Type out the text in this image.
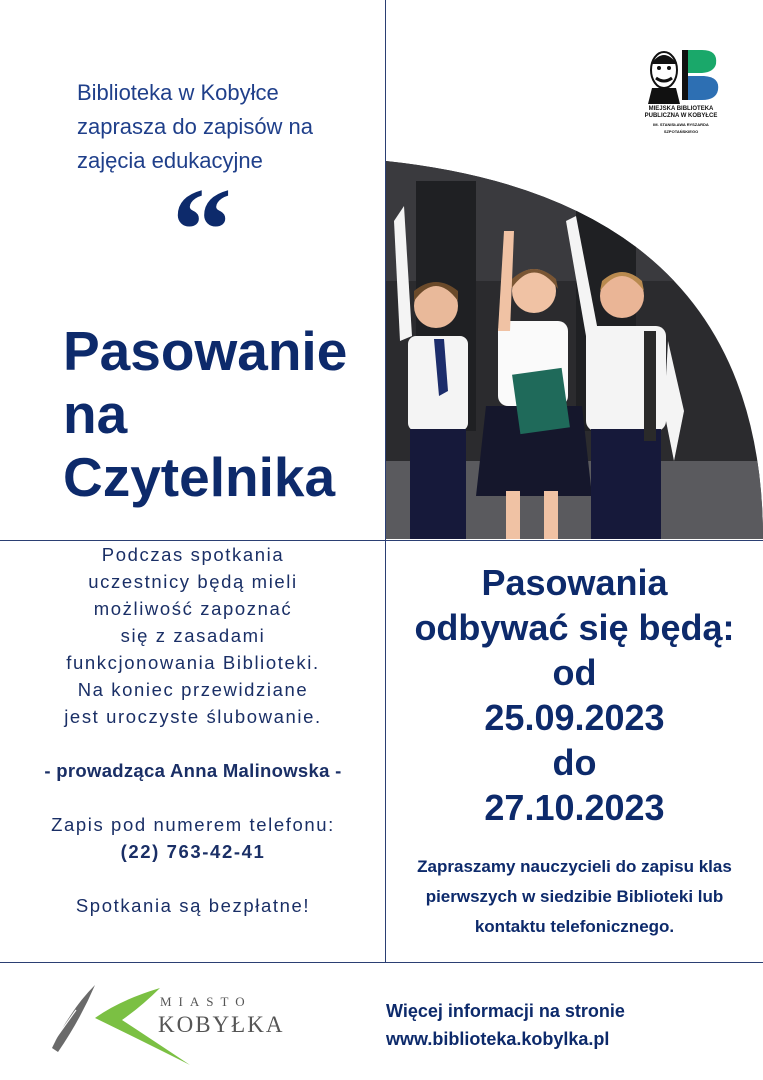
Biblioteka w Kobyłce
zaprasza do zapisów na
zajęcia edukacyjne
“
Pasowanie
na
Czytelnika
MIEJSKA BIBLIOTEKA
PUBLICZNA W KOBYŁCE
IM. STANISŁAWA RYSZARDA SZPOTAŃSKIEGO

Podczas spotkania

uczestnicy będą mieli

możliwość zapoznać

się z zasadami

funkcjonowania Biblioteki.

Na koniec przewidziane

jest uroczyste ślubowanie.

- prowadząca Anna Malinowska -

Zapis pod numerem telefonu:

(22) 763-42-41

Spotkania są bezpłatne!

Pasowania
odbywać się będą:
od
25.09.2023
do
27.10.2023
Zapraszamy nauczycieli do zapisu klas
pierwszych w siedzibie Biblioteki lub
kontaktu telefonicznego.
MIASTO
KOBYŁKA
Więcej informacji na stronie
www.biblioteka.kobylka.pl
